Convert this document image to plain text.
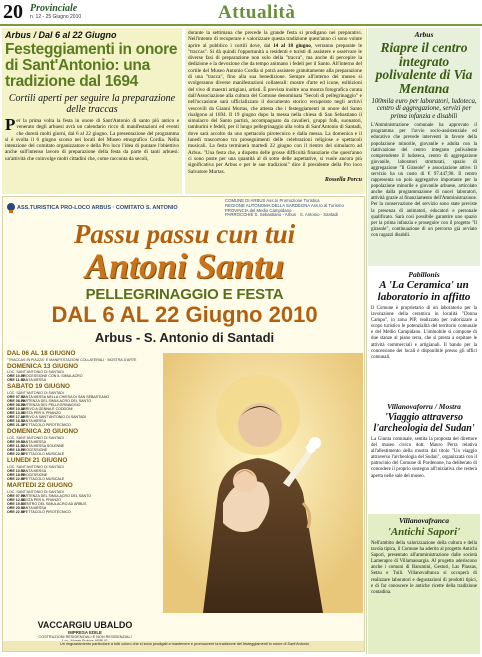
20 Provinciale
n. 12 - 25 Giugno 2010	Attualità
Arbus / Dal 6 al 22 Giugno
Festeggiamenti in onore di Sant'Antonio: una tradizione dal 1694
Cortili aperti per seguire la preparazione delle traccas
Per la prima volta la festa in onore di Sant'Antonio di santo più antico e venerato degli arbuesi avrà un calendario ricco di manifestazioni ed eventi che durerà molti giorni, dal 6 al 22 giugno. La presentazione del programma si è svolta il 6 giugno scorso nei locali del Museo etnografico Cordia. Nella intenzione del comitato organizzatore e della Pro loco l'idea di puntare l'obiettivo anche sull'intenso lavoro di preparazione della festa da parte di tanti arbuesi: un'attività che coinvolge molti cittadini che, come racconta da secoli,
durante la settimana che precede la grande festa si prodigano nei preparativi. Nell'intento di recuperare e valorizzare questa tradizione quest'anno ci sono volute aprire al pubblico i cortili dove, dal 14 al 18 giugno, verranno preparate le "traccas". Si dà quindi l'opportunità a residenti e turisti di assistere e osservare le diverse fasi di preparazione non solo della "tracca", ma anche di percepire la dedizione e la devozione che da tempo animano i fedeli per il Santo. All'interno del cortile del Museo Antonio Cordia si potrà assistere gratuitamente alla preparazione di una "tracca", fino alla sua benedizione. Sempre all'interno del museo si svolgeranno diverse manifestazioni collaterali: mostre d'arte ed icone, esibizioni del vivo di maestri artigiani, artisti. È prevista inoltre una mostra fotografica curata dall'Associazione alla cultura del Comune denominata "Secoli di pellegrinaggio" e nell'occasione sarà ufficializzato il documento storico recuperato negli archivi vescovili da Gianni Murtas, che attesta che i festeggiamenti in onore del Santo risalgono al 1694. Il 19 giugno dopo la messa nella chiesa di San Sebastiano il simulacro del Santo partirà, accompagnato da cavalieri, gruppi folk, suonatori, tamburini e fedeli, per il lungo pellegrinaggio alla volta di Sant'Antonio di Santadi, dove sarà accolto da uno spettacolo pirotecnico e dalla messa. La domenica e il lunedì trascorrono tra proseguimenti delle celebrazioni religiose e spettacoli musicali. La festa terminerà martedì 22 giugno con il rientro del simulacro ad Arbus. "Una festa che, a dispetto delle grosse difficoltà finanziarie che quest'anno ci sono poste per una quantità al di sotto delle aspettative, si vuole ancora più significativa per Arbus e per le sue tradizioni" dice il presidente della Pro loco Salvatore Murtas.
Rossella Porcu
ASS.TURISTICA PRO-LOCO ARBUS · COMITATO S. ANTONIO
COMUNE DI ARBUS Ass.to Promozione Turistica
REGIONE AUTONOMA DELLA SARDEGNA Ass.to al Turismo
PROVINCIA del Medio Campidano
PARROCCHIE S. Sebastiano - Arbus · S. Antonio - Santadi
Passu passu cun tui
Antoni Santu
PELLEGRINAGGIO E FESTA
DAL 6 AL 22 Giugno 2010
Arbus - S. Antonio di Santadi
DAL 06 AL 18 GIUGNO
"TRACCAS IN PIAZZA" E MANIFESTAZIONI COLLATERALI · MOSTRA D'ARTE
DOMENICA 13 GIUGNO
LOC. SANT'ANTONIO DI SANTADI
ORE 10.30 PROCESSIONE CON IL SIMULACRO
ORE 11.00 SANTA MESSA
SABATO 19 GIUGNO
LOC. SANT'ANTONIO DI SANTADI
ORE 07.00 SANTA MESSA NELLA CHIESA DI SAN SEBASTIANO
ORE 08.00 PARTENZA DEL SIMULACRO DEL SANTO
ORE 08.30 PARTENZA DEL PELLEGRINAGGIO
ORE 10.30 ARRIVO A GENNA E CODDONI
ORE 13.30 SOSTA PER IL PRANZO
ORE 17.30 ARRIVO A SANT'ANTONIO DI SANTADI
ORE 18.30 SANTA MESSA
ORE 21.30 SPETTACOLO PIROTECNICO
DOMENICA 20 GIUGNO
LOC. SANT'ANTONIO DI SANTADI
ORE 09.00 SANTA MESSA
ORE 11.00 SANTA MESSA SOLENNE
ORE 18.00 PROCESSIONE
ORE 22.00 SPETTACOLO MUSICALE
LUNEDI 21 GIUGNO
LOC. SANT'ANTONIO DI SANTADI
ORE 10.00 SANTA MESSA
ORE 18.00 PROCESSIONE
ORE 22.00 SPETTACOLO MUSICALE
MARTEDI 22 GIUGNO
LOC. SANT'ANTONIO DI SANTADI
ORE 07.00 PARTENZA DEL SIMULACRO DEL SANTO
ORE 12.00 SOSTA PER IL PRANZO
ORE 19.30 RIENTRO DEL SIMULACRO AD ARBUS
ORE 20.00 SANTA MESSA
ORE 22.00 SPETTACOLO PIROTECNICO
VACCARGIU UBALDO
IMPRESA EDILE
COSTRUZIONI RESIDENZIALI E NON RESIDENZIALI
Un ringraziamento particolare a tutti coloro che si sono prodigati a mantenere e promuovere la tradizione dei festeggiamenti in onore di Sant'Antonio
Arbus
Riapre il centro integrato polivalente di Via Mentana
100mila euro per laboratori, ludoteca, centro di aggregazione, servizi per prima infanzia e disabili
L'Amministrazione comunale ha approvato il programma per l'avvio socio-assistenziale ed educativo che prevede interventi in favore della popolazione minorile, giovanile e adulta con la riattivazione del centro integrato polivalente comprendente il ludoteca, centro di aggregazione giovanile, laboratori strutturati, spazio di aggregazione "Il Girasole" e associazione attive. Il servizio ha un costo di € 97.447,98. Il centro rappresenta un polo aggregativo importante per la popolazione minorile e giovanile arbuese, articolato anche dalla programmazione di nuovi laboratori, attività grazie al finanziamento dell'Amministrazione. Per la conservazione del servizio sono state previste la presenza di animatori, educatori e personale qualificato. Sarà così possibile garantire uno spazio per la prima infanzia e proseguire con il progetto "Il girasole", continuazione di un percorso già avviato con ragazzi disabili.
Pabillonis
A 'La Ceramica' un laboratorio in affitto
Il Comune è proprietario di un laboratorio per la lavorazione della ceramica in località "Donna Campu", in zona PIP, realizzato per valorizzare a scopo turistico le potenzialità del territorio comunale e del Medio Campidano. L'immobile si compone di due stanze al piano terra, che si presta a ospitare le attività commerciali e artigianali. Il bando per la concessione dei locali è disponibile presso gli uffici comunali.
Villanovaforru / Mostra
'Viaggio attraverso l'archeologia del Sudan'
La Giunta comunale, sentita la proposta del direttore del museo civico dott. Mauro Perra relativa all'allestimento della mostra dal titolo "Un viaggio attraverso l'archeologia del Sudan", organizzata con il patrocinio del Comune di Pordenone, ha deliberato di concedere il proprio sostegno all'iniziativa che resterà aperta nelle sale del museo.
Villanovafranca
'Antichi Sapori'
Nell'ambito della valorizzazione della cultura e della tavola tipica, il Comune ha aderito al progetto Antichi Sapori, presentato all'amministrazione dalle società Lamerapro di Villamassargia. Al progetto aderiscono anche i comuni di Barumini, Gesturi, Las Plassas, Setzu e Tuili. Villanovafranca si occuperà di realizzare laboratori e degustazioni di prodotti tipici, e di far conoscere le antiche ricette della tradizione contadina.
